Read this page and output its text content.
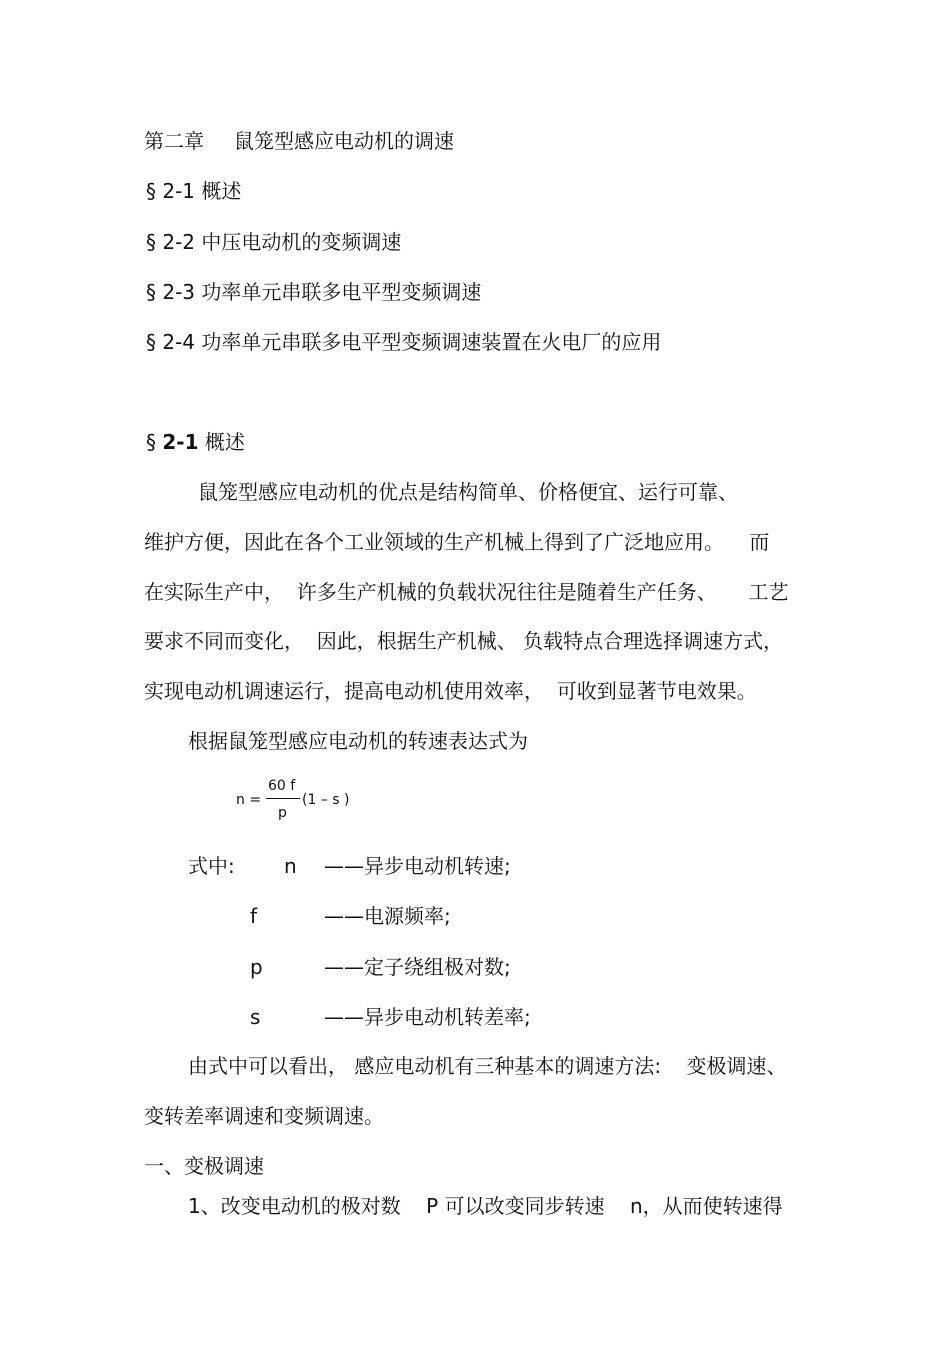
第二章 鼠笼型感应电动机的调速
§ 2-1 概述
§ 2-2 中压电动机的变频调速
§ 2-3 功率单元串联多电平型变频调速
§ 2-4 功率单元串联多电平型变频调速装置在火电厂的应用
§ 2-1 概述
鼠笼型感应电动机的优点是结构简单、价格便宜、运行可靠、
维护方便，因此在各个工业领域的生产机械上得到了广泛地应用。    而
在实际生产中，  许多生产机械的负载状况往往是随着生产任务、     工艺
要求不同而变化，  因此，根据生产机械、 负载特点合理选择调速方式，
实现电动机调速运行，提高电动机使用效率，  可收到显著节电效果。
根据鼠笼型感应电动机的转速表达式为
n =
60 f
p
(1 – s )
式中: n ——异步电动机转速;
f	——电源频率;
p	——定子绕组极对数;
s	——异步电动机转差率;
由式中可以看出， 感应电动机有三种基本的调速方法:    变极调速、
变转差率调速和变频调速。
一、变极调速
1、改变电动机的极对数    P 可以改变同步转速    n，从而使转速得
